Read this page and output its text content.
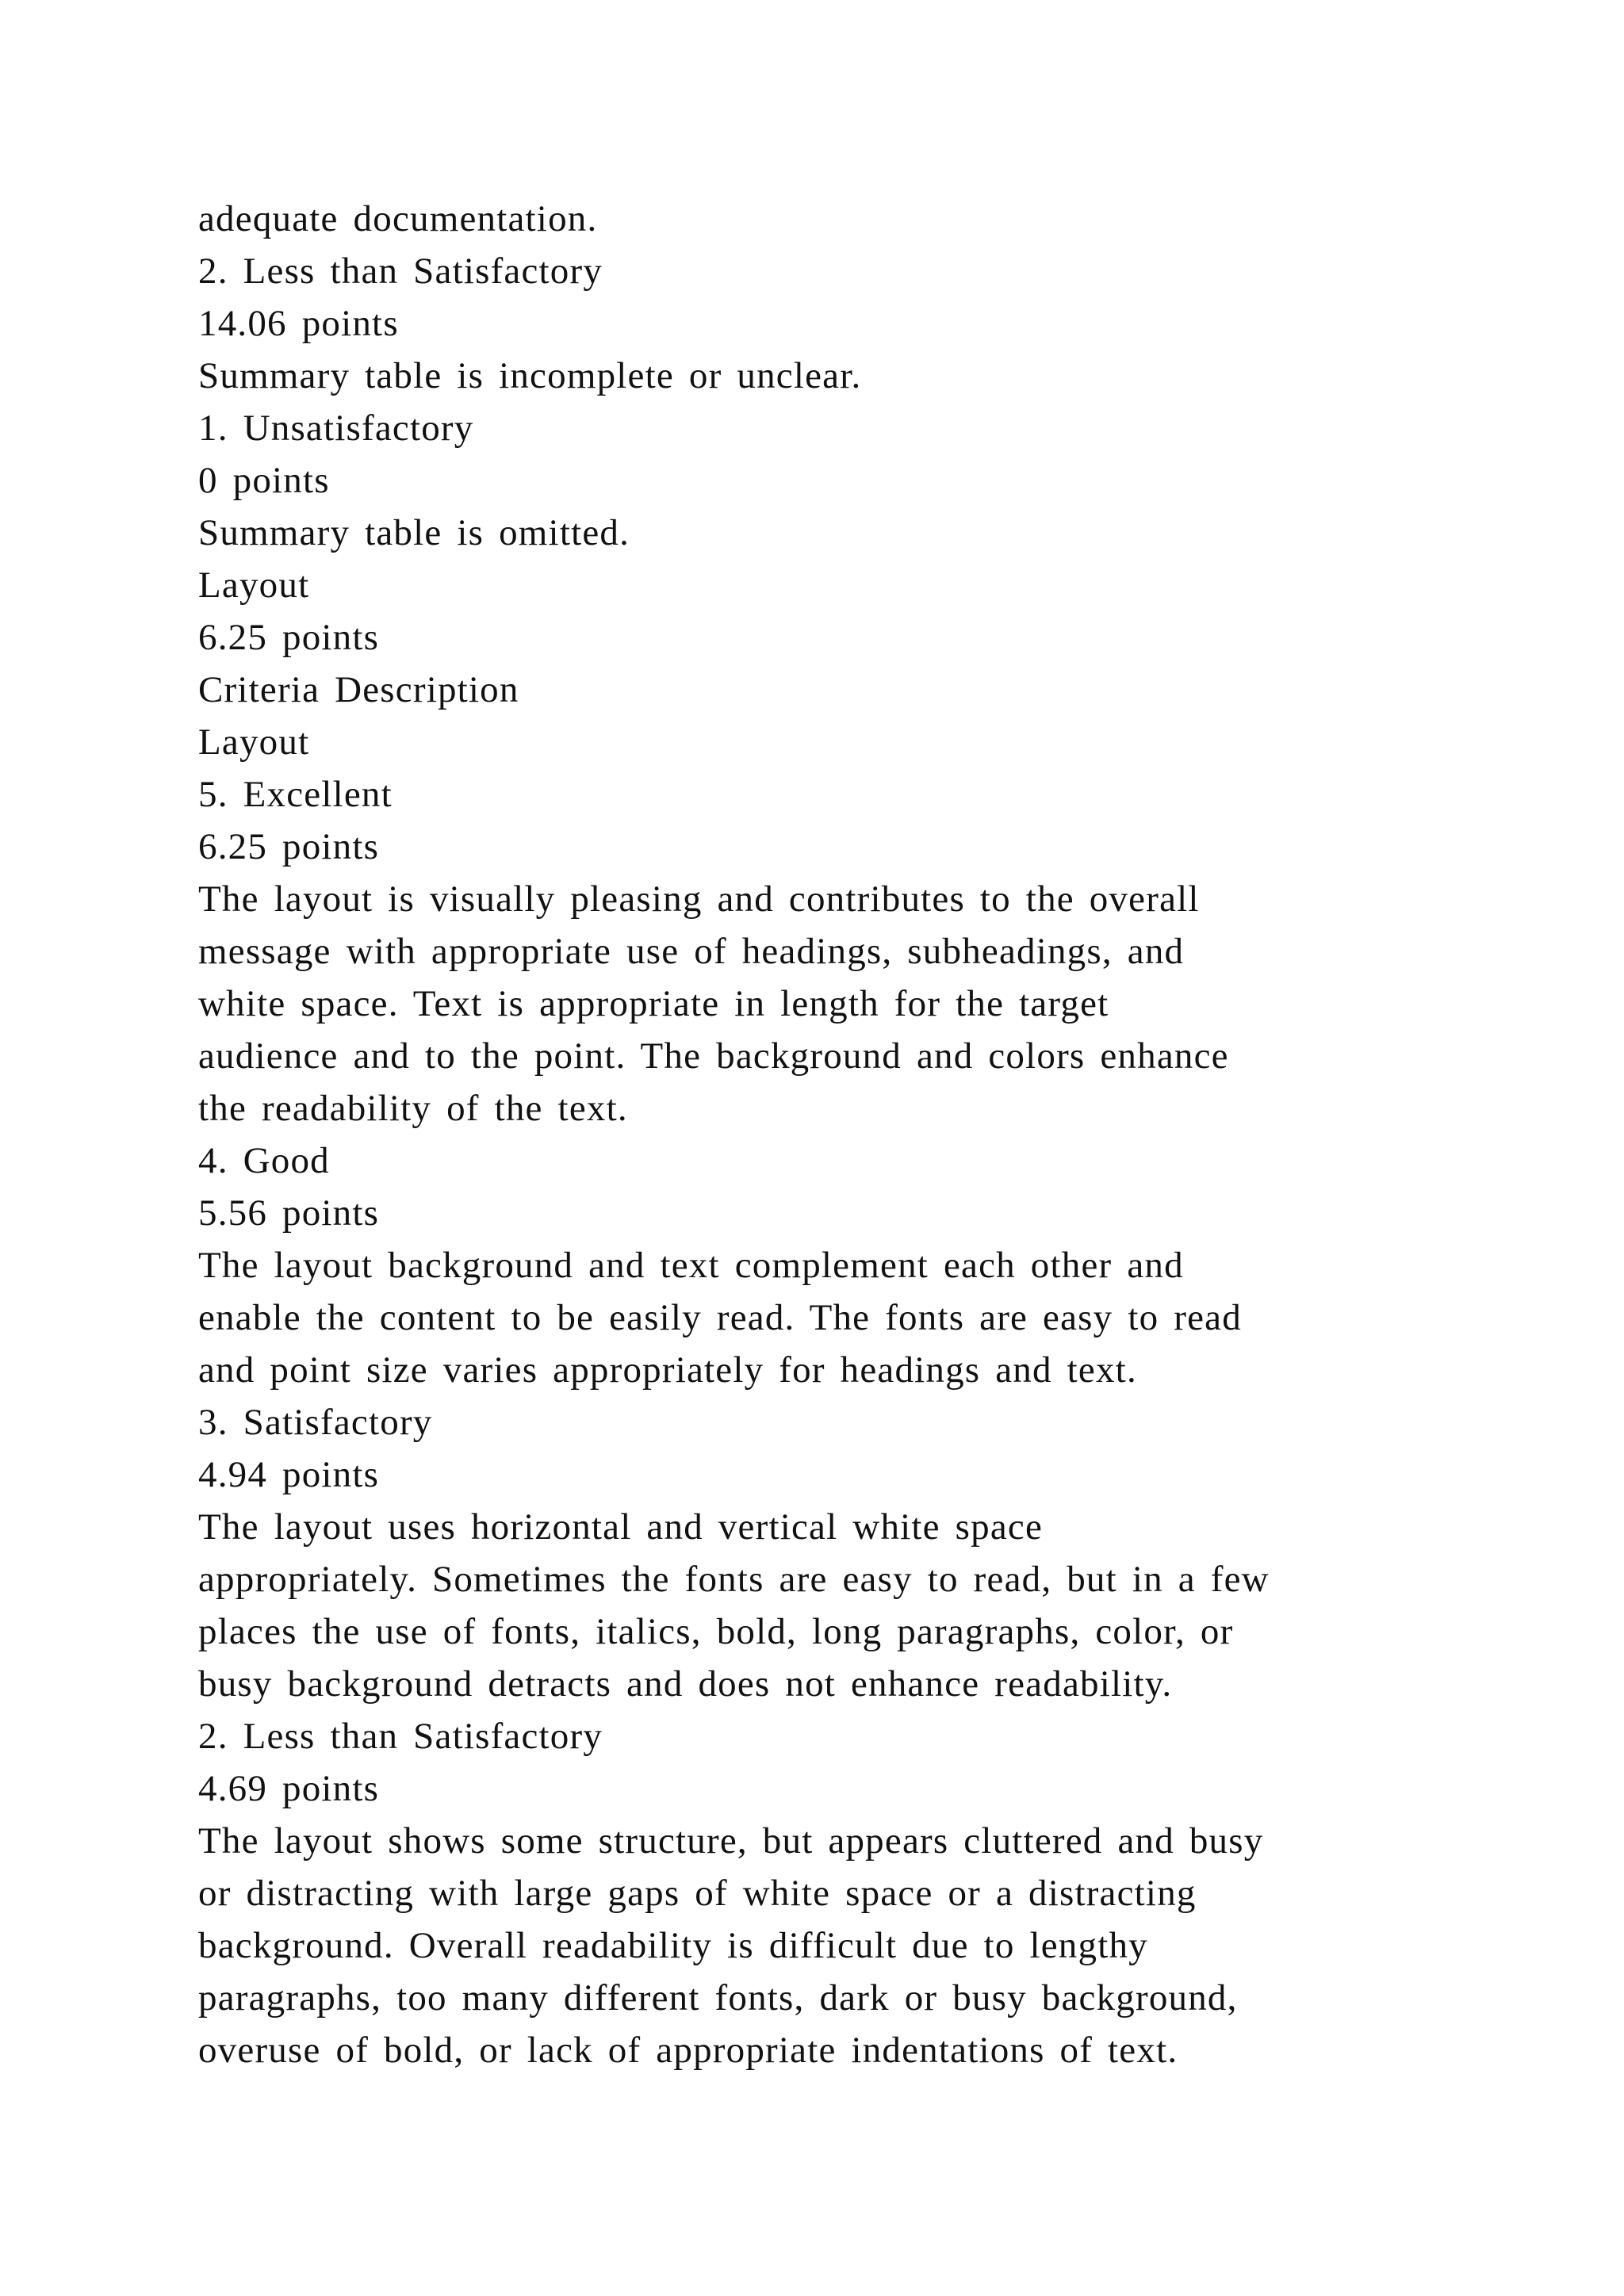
adequate documentation.
2. Less than Satisfactory
14.06 points
Summary table is incomplete or unclear.
1. Unsatisfactory
0 points
Summary table is omitted.
Layout
6.25 points
Criteria Description
Layout
5. Excellent
6.25 points
The layout is visually pleasing and contributes to the overall
message with appropriate use of headings, subheadings, and
white space. Text is appropriate in length for the target
audience and to the point. The background and colors enhance
the readability of the text.
4. Good
5.56 points
The layout background and text complement each other and
enable the content to be easily read. The fonts are easy to read
and point size varies appropriately for headings and text.
3. Satisfactory
4.94 points
The layout uses horizontal and vertical white space
appropriately. Sometimes the fonts are easy to read, but in a few
places the use of fonts, italics, bold, long paragraphs, color, or
busy background detracts and does not enhance readability.
2. Less than Satisfactory
4.69 points
The layout shows some structure, but appears cluttered and busy
or distracting with large gaps of white space or a distracting
background. Overall readability is difficult due to lengthy
paragraphs, too many different fonts, dark or busy background,
overuse of bold, or lack of appropriate indentations of text.
